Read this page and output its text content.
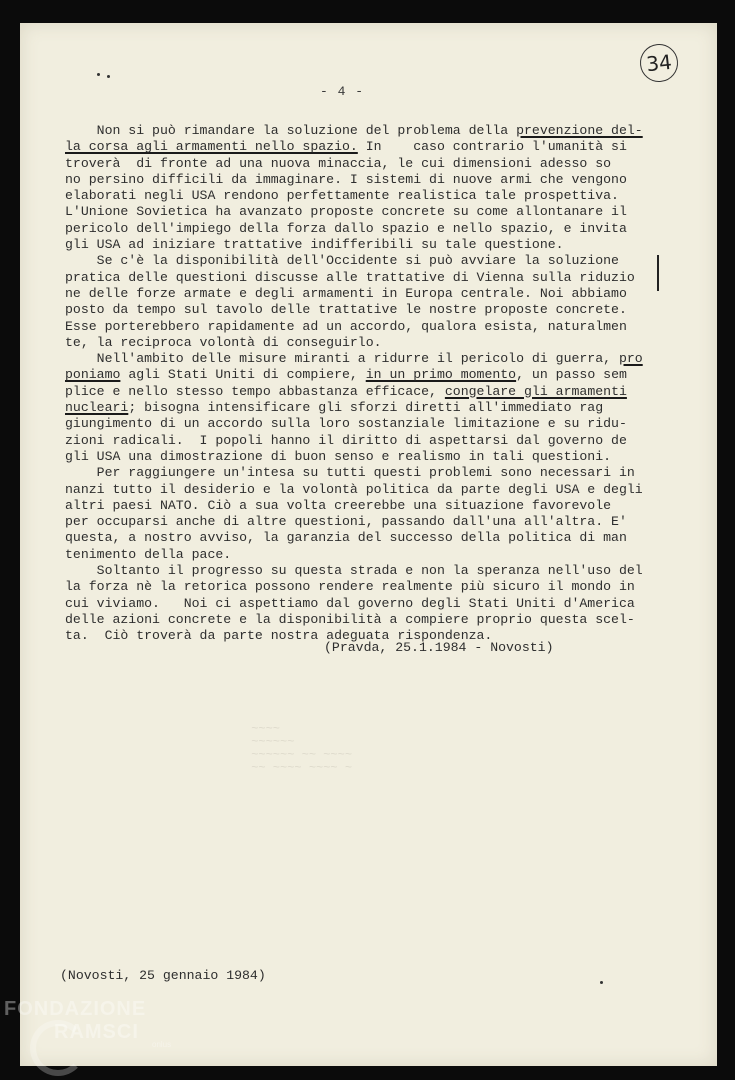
34
- 4 -
Non si può rimandare la soluzione del problema della prevenzione del-
la corsa agli armamenti nello spazio. In    caso contrario l'umanità si
troverà  di fronte ad una nuova minaccia, le cui dimensioni adesso so
no persino difficili da immaginare. I sistemi di nuove armi che vengono
elaborati negli USA rendono perfettamente realistica tale prospettiva.
L'Unione Sovietica ha avanzato proposte concrete su come allontanare il
pericolo dell'impiego della forza dallo spazio e nello spazio, e invita
gli USA ad iniziare trattative indifferibili su tale questione.
Se c'è la disponibilità dell'Occidente si può avviare la soluzione
pratica delle questioni discusse alle trattative di Vienna sulla riduzio
ne delle forze armate e degli armamenti in Europa centrale. Noi abbiamo
posto da tempo sul tavolo delle trattative le nostre proposte concrete.
Esse porterebbero rapidamente ad un accordo, qualora esista, naturalmen
te, la reciproca volontà di conseguirlo.
Nell'ambito delle misure miranti a ridurre il pericolo di guerra, pro
poniamo agli Stati Uniti di compiere, in un primo momento, un passo sem
plice e nello stesso tempo abbastanza efficace, congelare gli armamenti
nucleari; bisogna intensificare gli sforzi diretti all'immediato rag
giungimento di un accordo sulla loro sostanziale limitazione e su ridu-
zioni radicali.  I popoli hanno il diritto di aspettarsi dal governo de
gli USA una dimostrazione di buon senso e realismo in tali questioni.
Per raggiungere un'intesa su tutti questi problemi sono necessari in
nanzi tutto il desiderio e la volontà politica da parte degli USA e degli
altri paesi NATO. Ciò a sua volta creerebbe una situazione favorevole
per occuparsi anche di altre questioni, passando dall'una all'altra. E'
questa, a nostro avviso, la garanzia del successo della politica di man
tenimento della pace.
Soltanto il progresso su questa strada e non la speranza nell'uso del
la forza nè la retorica possono rendere realmente più sicuro il mondo in
cui viviamo.   Noi ci aspettiamo dal governo degli Stati Uniti d'America
delle azioni concrete e la disponibilità a compiere proprio questa scel-
ta.  Ciò troverà da parte nostra adeguata rispondenza.
~~~~
~~~~~~
~~~~~~ ~~ ~~~~
~~ ~~~~ ~~~~ ~
(Pravda, 25.1.1984 - Novosti)
(Novosti, 25 gennaio 1984)
FONDAZIONE
RAMSCI
onlus
